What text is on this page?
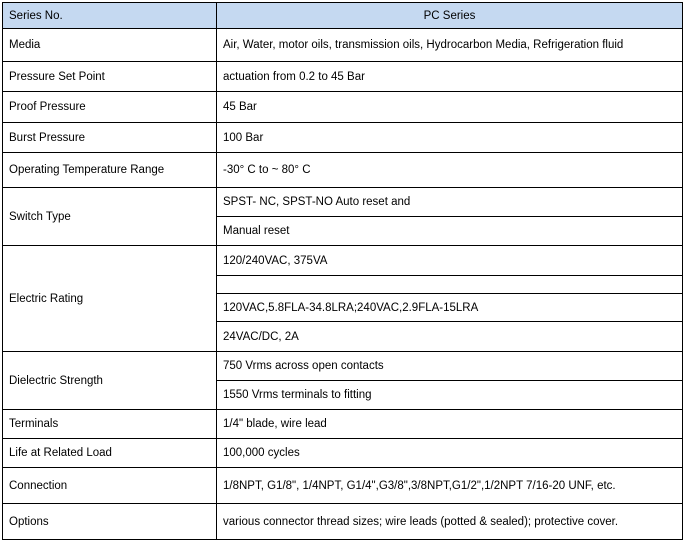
Series No.	PC Series
Media	Air, Water, motor oils, transmission oils, Hydrocarbon Media, Refrigeration fluid
Pressure Set Point	actuation from 0.2 to 45 Bar
Proof Pressure	45 Bar
Burst Pressure	100 Bar
Operating Temperature Range	-30° C to ~ 80° C
Switch Type	SPST- NC, SPST-NO Auto reset and
	Manual reset
Electric Rating	120/240VAC, 375VA

	120VAC,5.8FLA-34.8LRA;240VAC,2.9FLA-15LRA
	24VAC/DC, 2A
Dielectric Strength	750 Vrms across open contacts
	1550 Vrms terminals to fitting
Terminals	1/4" blade, wire lead
Life at Related Load	100,000 cycles
Connection	1/8NPT, G1/8", 1/4NPT, G1/4",G3/8",3/8NPT,G1/2",1/2NPT 7/16-20 UNF, etc.
Options	various connector thread sizes; wire leads (potted & sealed); protective cover.
